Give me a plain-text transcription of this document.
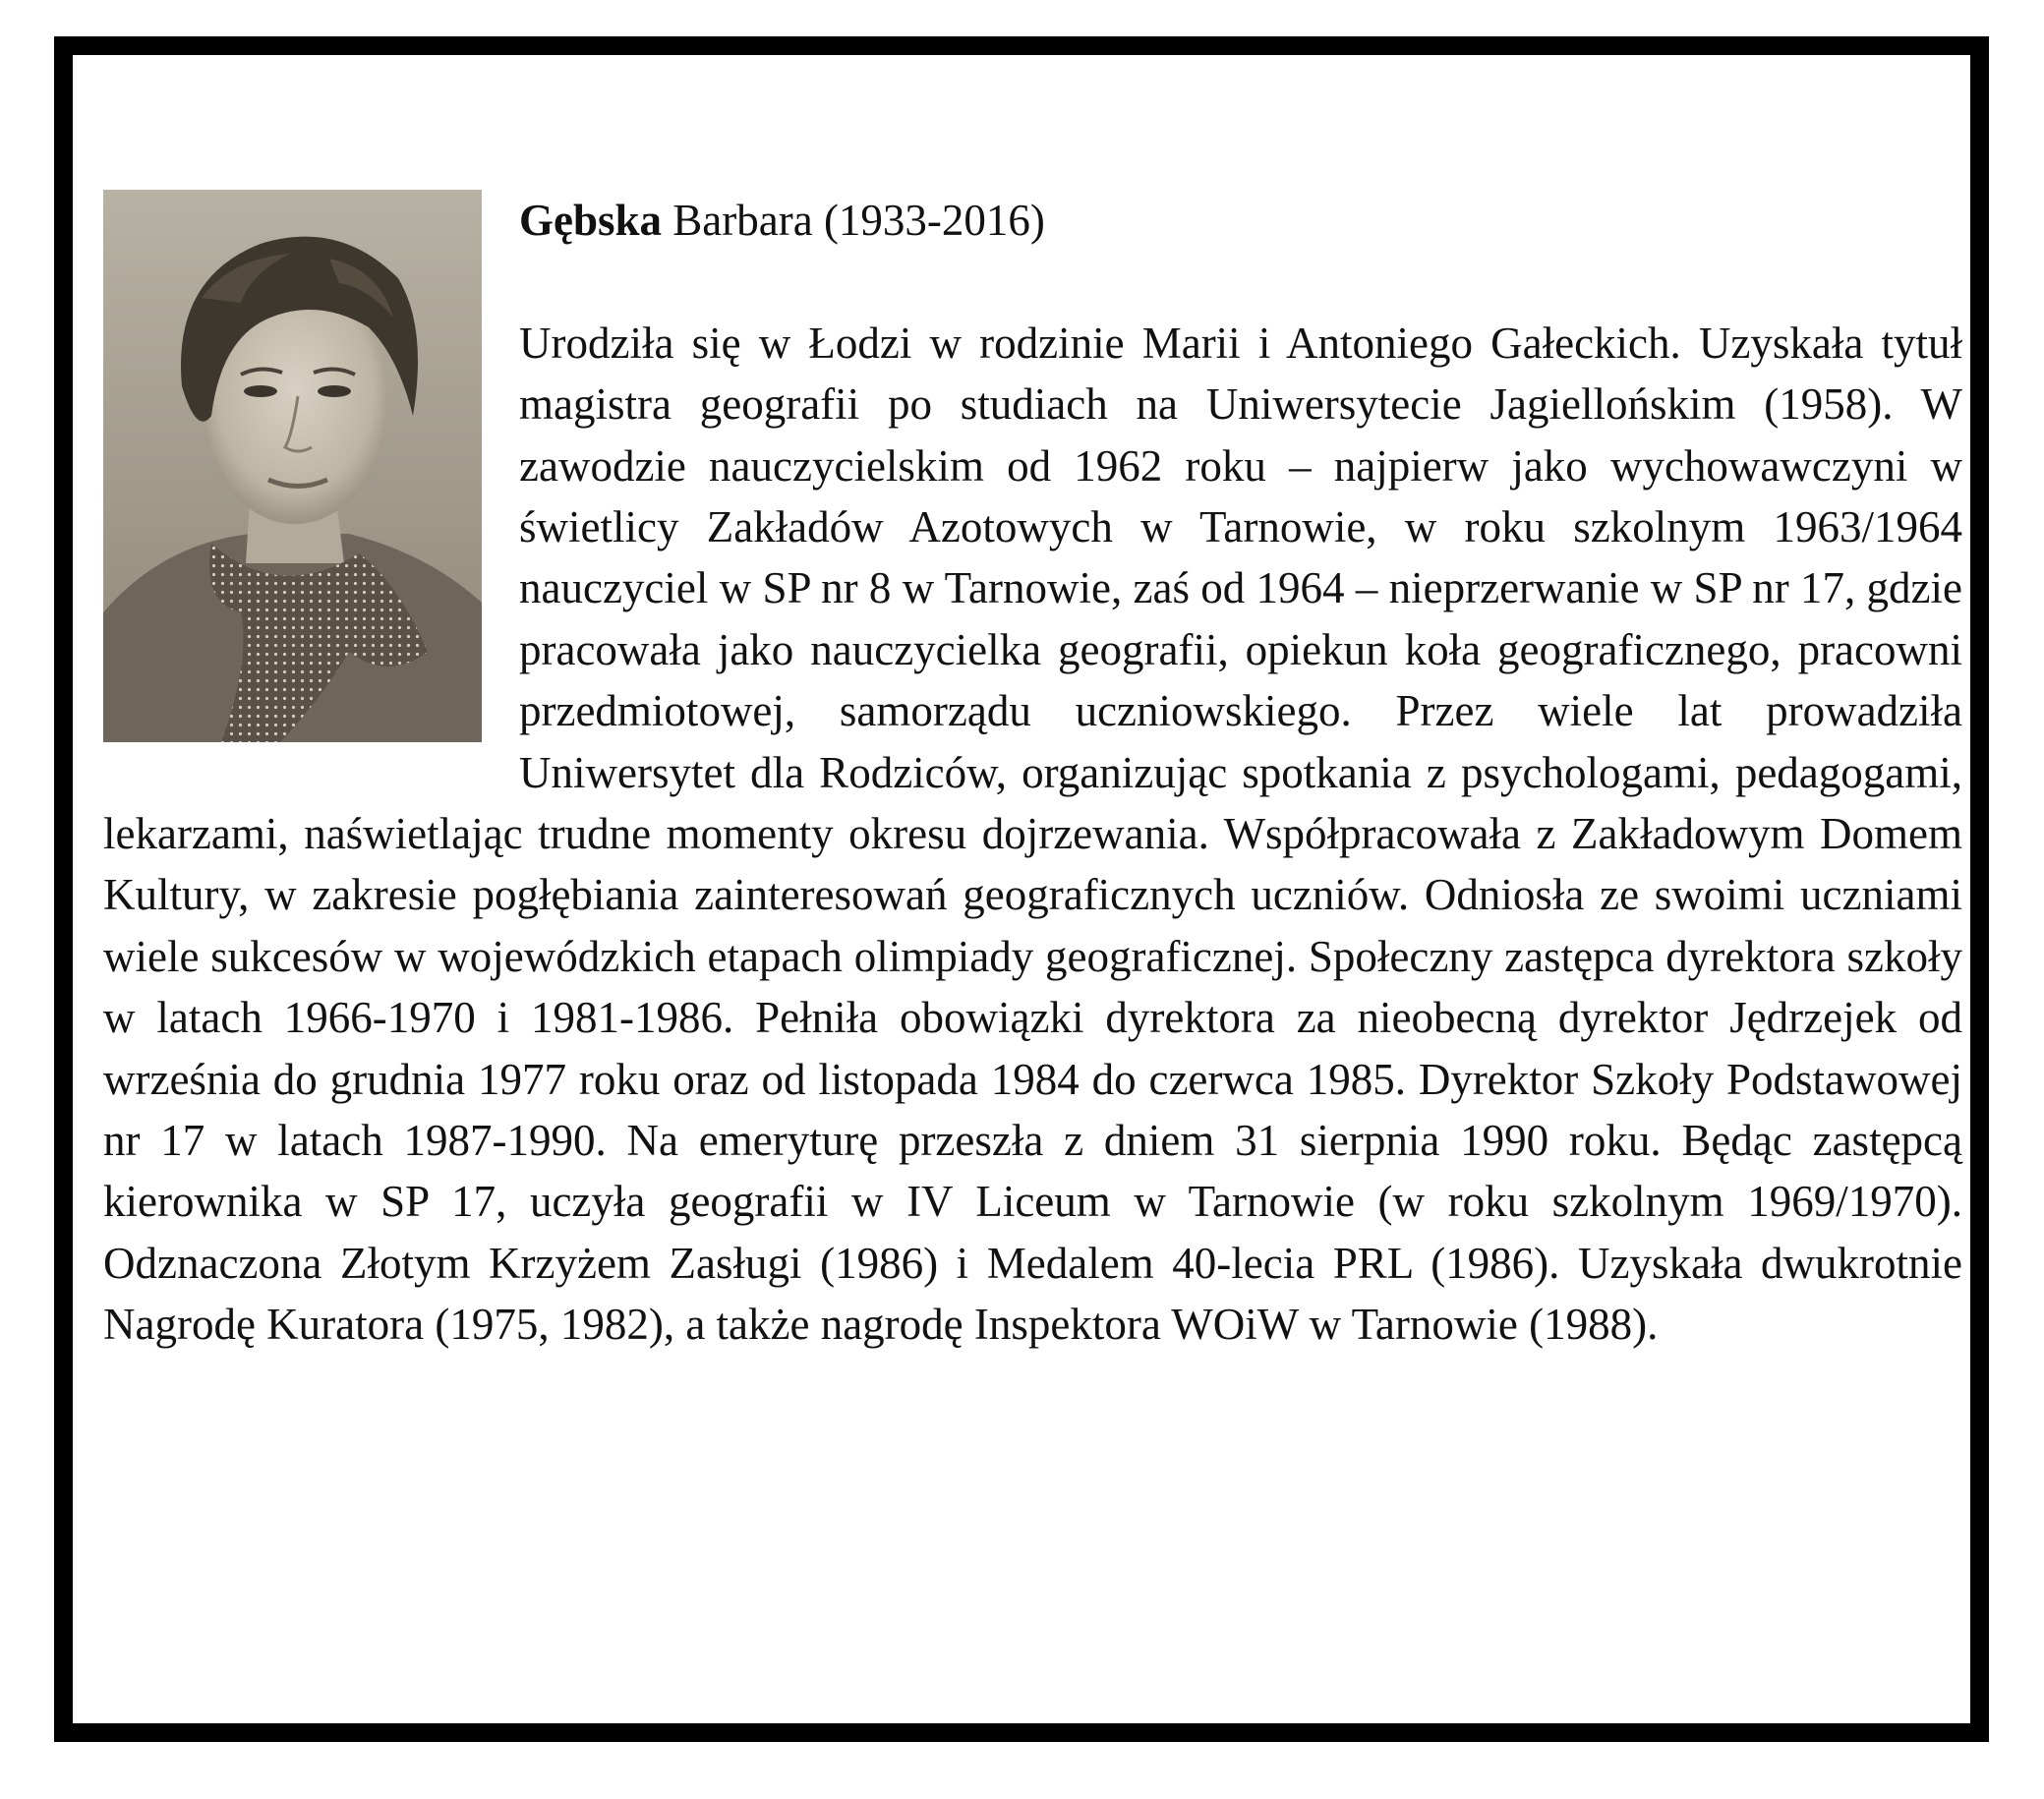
Gębska Barbara (1933-2016)

Urodziła się w Łodzi w rodzinie Marii i Antoniego Gałeckich. Uzyskała tytuł magistra geografii po studiach na Uniwersytecie Jagiellońskim (1958). W zawodzie nauczycielskim od 1962 roku – najpierw jako wychowawczyni w świetlicy Zakładów Azotowych w Tarnowie, w roku szkolnym 1963/1964 nauczyciel w SP nr 8 w Tarnowie, zaś od 1964 – nieprzerwanie w SP nr 17, gdzie pracowała jako nauczycielka geografii, opiekun koła geograficznego, pracowni przedmiotowej, samorządu uczniowskiego. Przez wiele lat prowadziła Uniwersytet dla Rodziców, organizując spotkania z psychologami, pedagogami, lekarzami, naświetlając trudne momenty okresu dojrzewania. Współpracowała z Zakładowym Domem Kultury, w zakresie pogłębiania zainteresowań geograficznych uczniów. Odniosła ze swoimi uczniami wiele sukcesów w wojewódzkich etapach olimpiady geograficznej. Społeczny zastępca dyrektora szkoły w latach 1966-1970 i 1981-1986. Pełniła obowiązki dyrektora za nieobecną dyrektor Jędrzejek od września do grudnia 1977 roku oraz od listopada 1984 do czerwca 1985. Dyrektor Szkoły Podstawowej nr 17 w latach 1987-1990. Na emeryturę przeszła z dniem 31 sierpnia 1990 roku. Będąc zastępcą kierownika w SP 17, uczyła geografii w IV Liceum w Tarnowie (w roku szkolnym 1969/1970). Odznaczona Złotym Krzyżem Zasługi (1986) i Medalem 40-lecia PRL (1986). Uzyskała dwukrotnie Nagrodę Kuratora (1975, 1982), a także nagrodę Inspektora WOiW w Tarnowie (1988).
